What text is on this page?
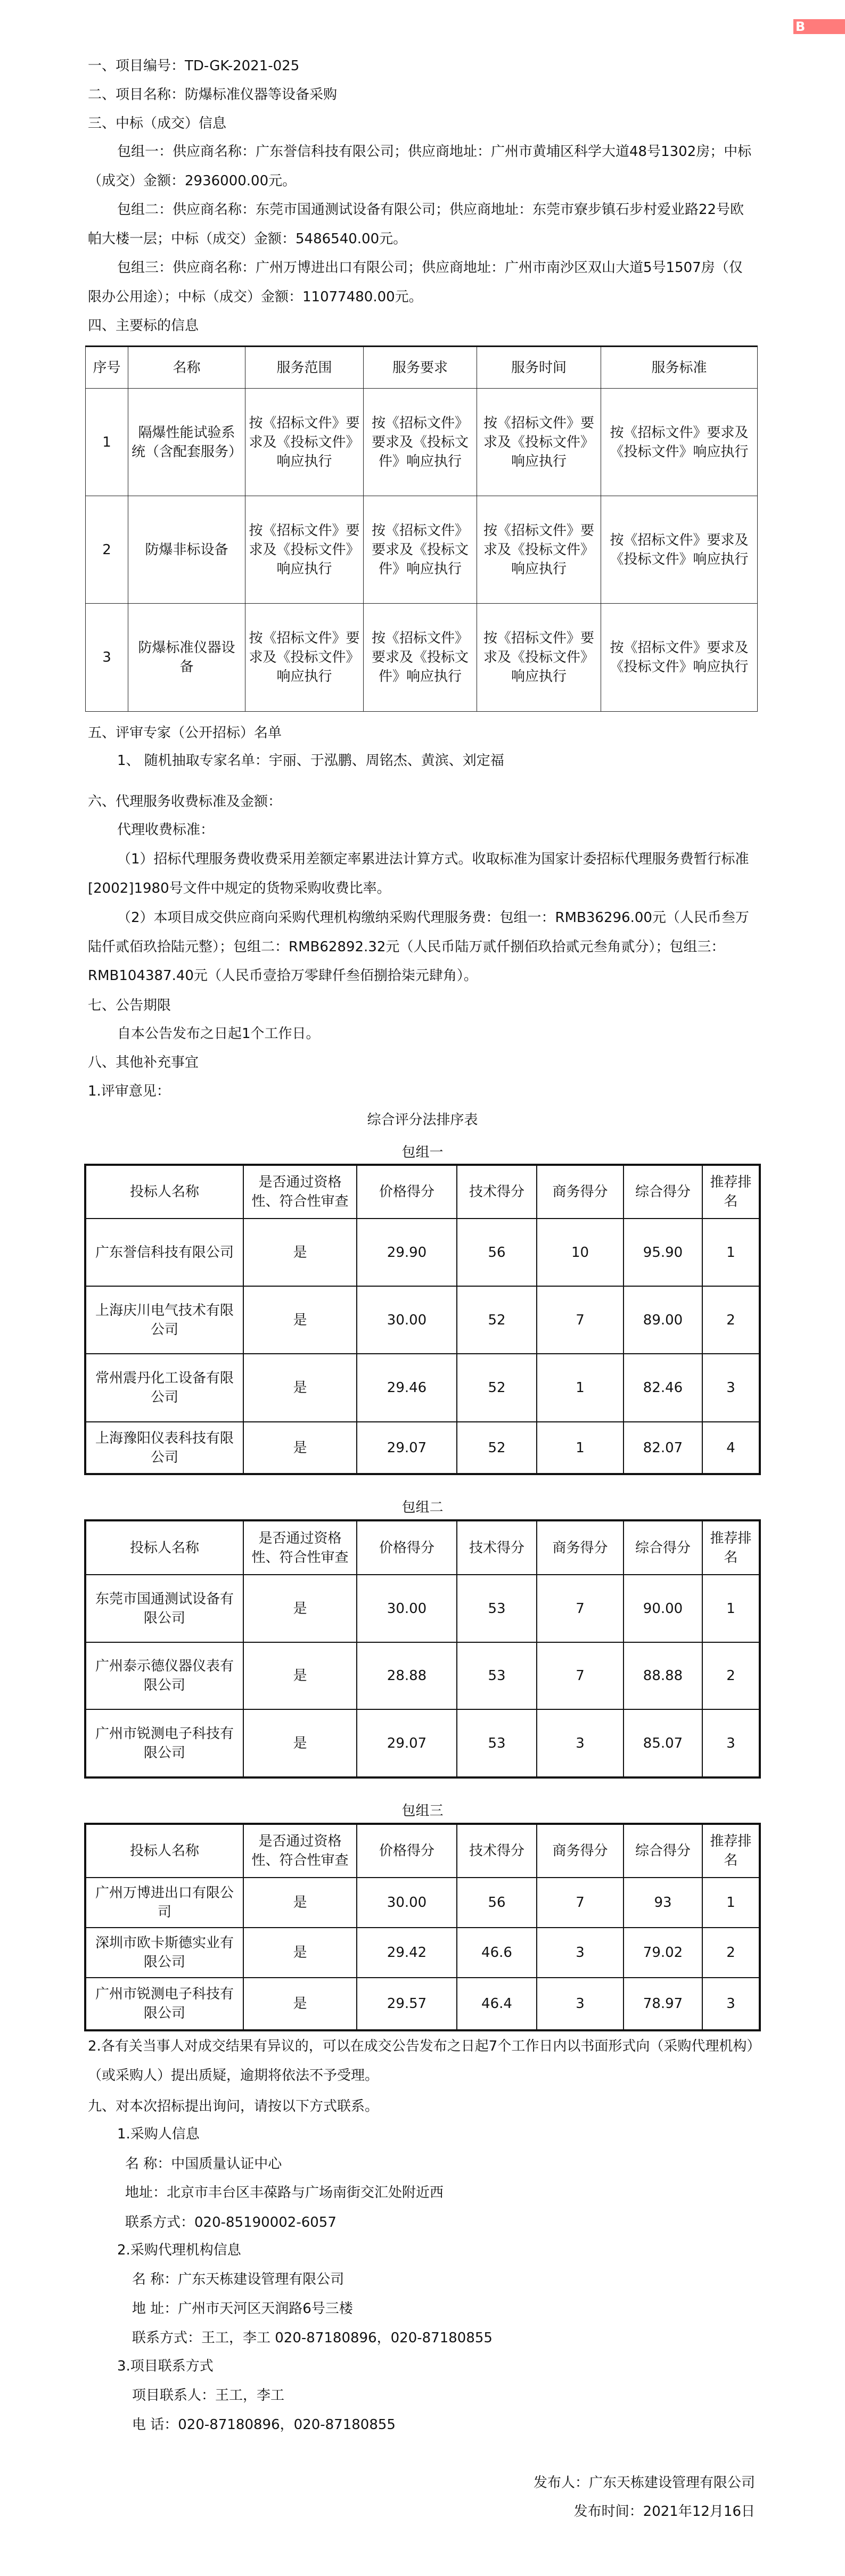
B
一、项目编号：TD-GK-2021-025
二、项目名称：防爆标准仪器等设备采购
三、中标（成交）信息
包组一：供应商名称：广东誉信科技有限公司；供应商地址：广州市黄埔区科学大道48号1302房；中标（成交）金额：2936000.00元。
包组二：供应商名称：东莞市国通测试设备有限公司；供应商地址：东莞市寮步镇石步村爱业路22号欧帕大楼一层；中标（成交）金额：5486540.00元。
包组三：供应商名称：广州万博进出口有限公司；供应商地址：广州市南沙区双山大道5号1507房（仅限办公用途）；中标（成交）金额：11077480.00元。
四、主要标的信息
五、评审专家（公开招标）名单
1、 随机抽取专家名单：宇丽、于泓鹏、周铭杰、黄滨、刘定福
六、代理服务收费标准及金额：
代理收费标准：
（1）招标代理服务费收费采用差额定率累进法计算方式。收取标准为国家计委招标代理服务费暂行标准[2002]1980号文件中规定的货物采购收费比率。
（2）本项目成交供应商向采购代理机构缴纳采购代理服务费：包组一：RMB36296.00元（人民币叁万陆仟贰佰玖拾陆元整）；包组二：RMB62892.32元（人民币陆万贰仟捌佰玖拾贰元叁角贰分）；包组三：RMB104387.40元（人民币壹拾万零肆仟叁佰捌拾柒元肆角）。
七、公告期限
自本公告发布之日起1个工作日。
八、其他补充事宜
1.评审意见：
综合评分法排序表
2.各有关当事人对成交结果有异议的，可以在成交公告发布之日起7个工作日内以书面形式向（采购代理机构）（或采购人）提出质疑，逾期将依法不予受理。
九、对本次招标提出询问，请按以下方式联系。
1.采购人信息
名 称：中国质量认证中心
地址：北京市丰台区丰葆路与广场南街交汇处附近西
联系方式：020-85190002-6057
2.采购代理机构信息
名 称：广东天栋建设管理有限公司
地 址：广州市天河区天润路6号三楼
联系方式：王工，李工 020-87180896，020-87180855
3.项目联系方式
项目联系人：王工，李工
电 话：020-87180896，020-87180855
发布人：广东天栋建设管理有限公司
发布时间：2021年12月16日
序号	名称	服务范围	服务要求	服务时间	服务标准
1	隔爆性能试验系统（含配套服务）	按《招标文件》要求及《投标文件》响应执行	按《招标文件》要求及《投标文件》响应执行	按《招标文件》要求及《投标文件》响应执行	按《招标文件》要求及《投标文件》响应执行
2	防爆非标设备	按《招标文件》要求及《投标文件》响应执行	按《招标文件》要求及《投标文件》响应执行	按《招标文件》要求及《投标文件》响应执行	按《招标文件》要求及《投标文件》响应执行
3	防爆标准仪器设备	按《招标文件》要求及《投标文件》响应执行	按《招标文件》要求及《投标文件》响应执行	按《招标文件》要求及《投标文件》响应执行	按《招标文件》要求及《投标文件》响应执行
包组一
投标人名称	是否通过资格性、符合性审查	价格得分	技术得分	商务得分	综合得分	推荐排名
广东誉信科技有限公司	是	29.90	56	10	95.90	1
上海庆川电气技术有限公司	是	30.00	52	7	89.00	2
常州震丹化工设备有限公司	是	29.46	52	1	82.46	3
上海豫阳仪表科技有限公司	是	29.07	52	1	82.07	4
包组二
投标人名称	是否通过资格性、符合性审查	价格得分	技术得分	商务得分	综合得分	推荐排名
东莞市国通测试设备有限公司	是	30.00	53	7	90.00	1
广州泰示德仪器仪表有限公司	是	28.88	53	7	88.88	2
广州市锐测电子科技有限公司	是	29.07	53	3	85.07	3
包组三
投标人名称	是否通过资格性、符合性审查	价格得分	技术得分	商务得分	综合得分	推荐排名
广州万博进出口有限公司	是	30.00	56	7	93	1
深圳市欧卡斯德实业有限公司	是	29.42	46.6	3	79.02	2
广州市锐测电子科技有限公司	是	29.57	46.4	3	78.97	3
